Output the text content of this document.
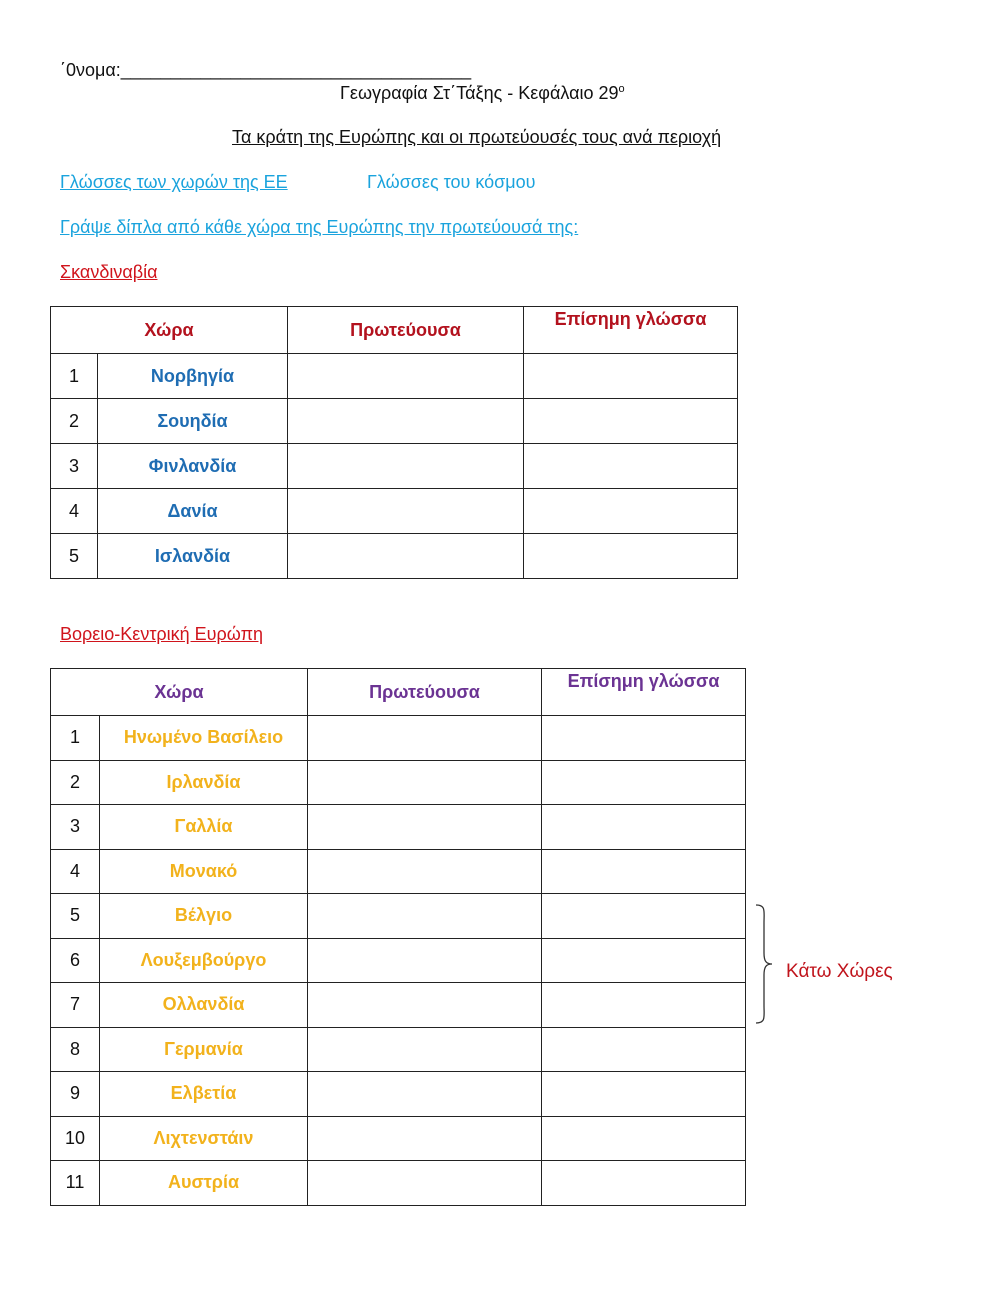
΄0νομα:___________________________________
Γεωγραφία Στ΄Τάξης - Κεφάλαιο $29^o$
Τα κράτη της Ευρώπης και οι πρωτεύουσές τους ανά περιοχή
Γλώσσες των χωρών της ΕΕ	Γλώσσες του κόσμου
Γράψε δίπλα από κάθε χώρα της Ευρώπης την πρωτεύουσά της:
Σκανδιναβία
Χώρα		Πρωτεύουσα	Επίσημη γλώσσα
1	Νορβηγία		
2	Σουηδία		
3	Φινλανδία		
4	Δανία		
5	Ισλανδία		
Βορειο-Κεντρική Ευρώπη
Χώρα		Πρωτεύουσα	Επίσημη γλώσσα
1	Ηνωμένο Βασίλειο		
2	Ιρλανδία		
3	Γαλλία		
4	Μονακό		
5	Βέλγιο		
6	Λουξεμβούργο		
7	Ολλανδία		
8	Γερμανία		
9	Ελβετία		
10	Λιχτενστάιν		
11	Αυστρία		
Κάτω Χώρες
